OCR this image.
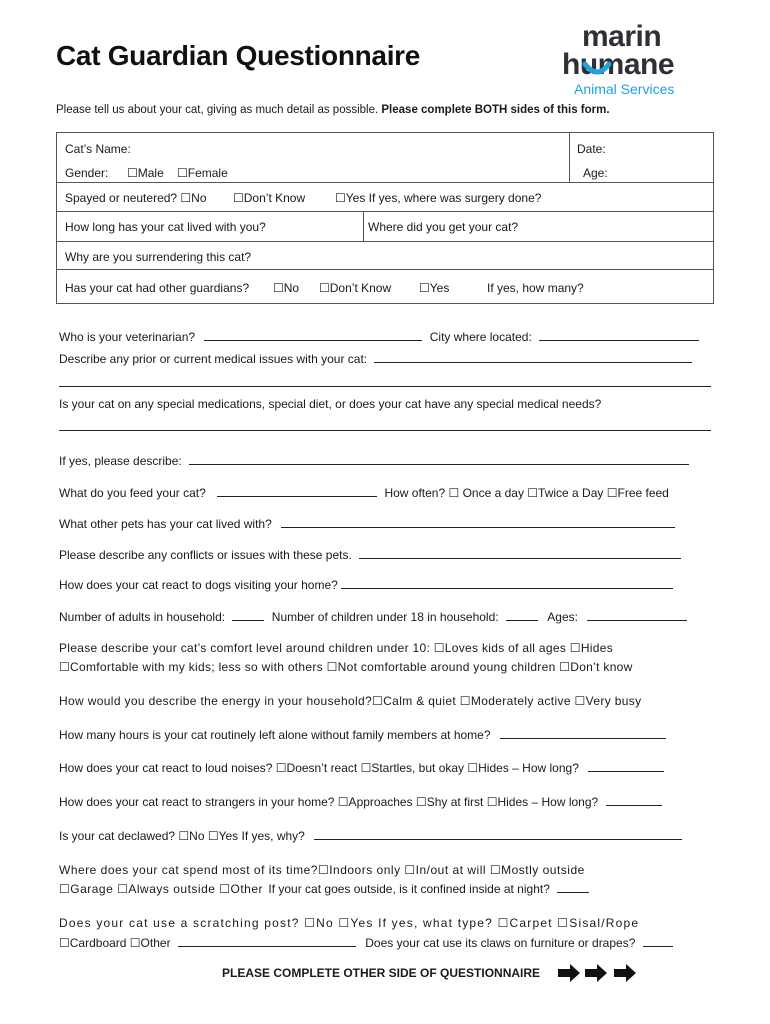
Cat Guardian Questionnaire
marin
humane
Animal Services
Please tell us about your cat, giving as much detail as possible. Please complete BOTH sides of this form.
Cat’s Name:	Date:
Gender: ☐Male ☐Female	Age:
Spayed or neutered? ☐No ☐Don’t Know ☐Yes If yes, where was surgery done?
How long has your cat lived with you?	Where did you get your cat?
Why are you surrendering this cat?
Has your cat had other guardians? ☐No ☐Don’t Know ☐Yes	If yes, how many?
Who is your veterinarian?	City where located:
Describe any prior or current medical issues with your cat:
Is your cat on any special medications, special diet, or does your cat have any special medical needs?
If yes, please describe:
What do you feed your cat?	How often? ☐ Once a day ☐Twice a Day ☐Free feed
What other pets has your cat lived with?
Please describe any conflicts or issues with these pets.
How does your cat react to dogs visiting your home?
Number of adults in household:	Number of children under 18 in household:	Ages:
Please describe your cat’s comfort level around children under 10: ☐Loves kids of all ages ☐Hides
☐Comfortable with my kids; less so with others ☐Not comfortable around young children ☐Don’t know
How would you describe the energy in your household?☐Calm & quiet ☐Moderately active ☐Very busy
How many hours is your cat routinely left alone without family members at home?
How does your cat react to loud noises? ☐Doesn’t react ☐Startles, but okay ☐Hides – How long?
How does your cat react to strangers in your home? ☐Approaches ☐Shy at first ☐Hides – How long?
Is your cat declawed? ☐No ☐Yes If yes, why?
Where does your cat spend most of its time?☐Indoors only ☐In/out at will ☐Mostly outside
☐Garage ☐Always outside ☐Other If your cat goes outside, is it confined inside at night?
Does your cat use a scratching post? ☐No ☐Yes If yes, what type? ☐Carpet ☐Sisal/Rope
☐Cardboard ☐Other	Does your cat use its claws on furniture or drapes?
PLEASE COMPLETE OTHER SIDE OF QUESTIONNAIRE
